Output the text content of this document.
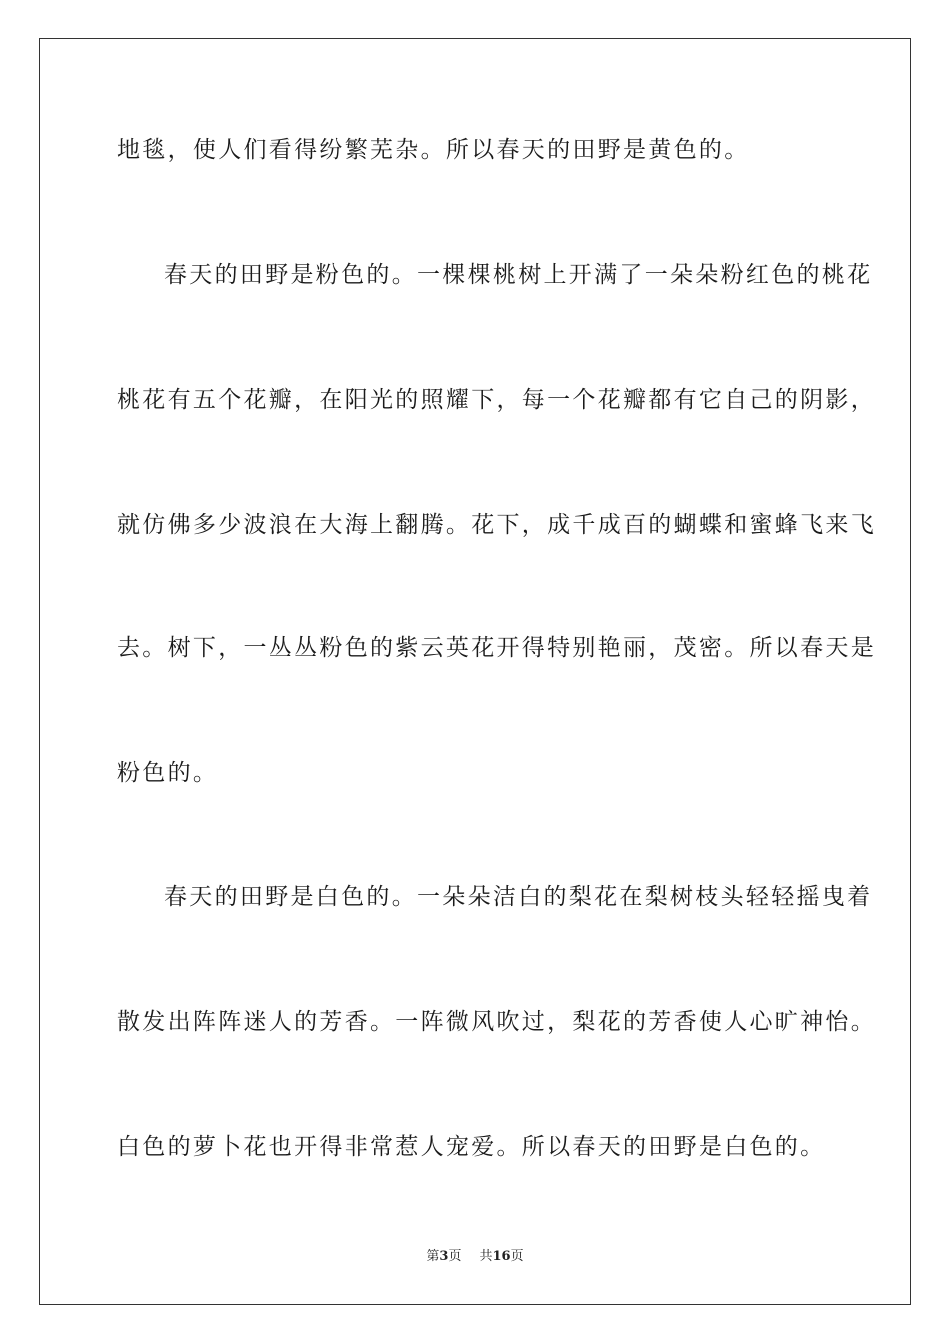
地毯，使人们看得纷繁芜杂。所以春天的田野是黄色的。
春天的田野是粉色的。一棵棵桃树上开满了一朵朵粉红色的桃花
桃花有五个花瓣，在阳光的照耀下，每一个花瓣都有它自己的阴影，
就仿佛多少波浪在大海上翻腾。花下，成千成百的蝴蝶和蜜蜂飞来飞
去。树下，一丛丛粉色的紫云英花开得特别艳丽，茂密。所以春天是
粉色的。
春天的田野是白色的。一朵朵洁白的梨花在梨树枝头轻轻摇曳着
散发出阵阵迷人的芳香。一阵微风吹过，梨花的芳香使人心旷神怡。
白色的萝卜花也开得非常惹人宠爱。所以春天的田野是白色的。
第3页 共16页
